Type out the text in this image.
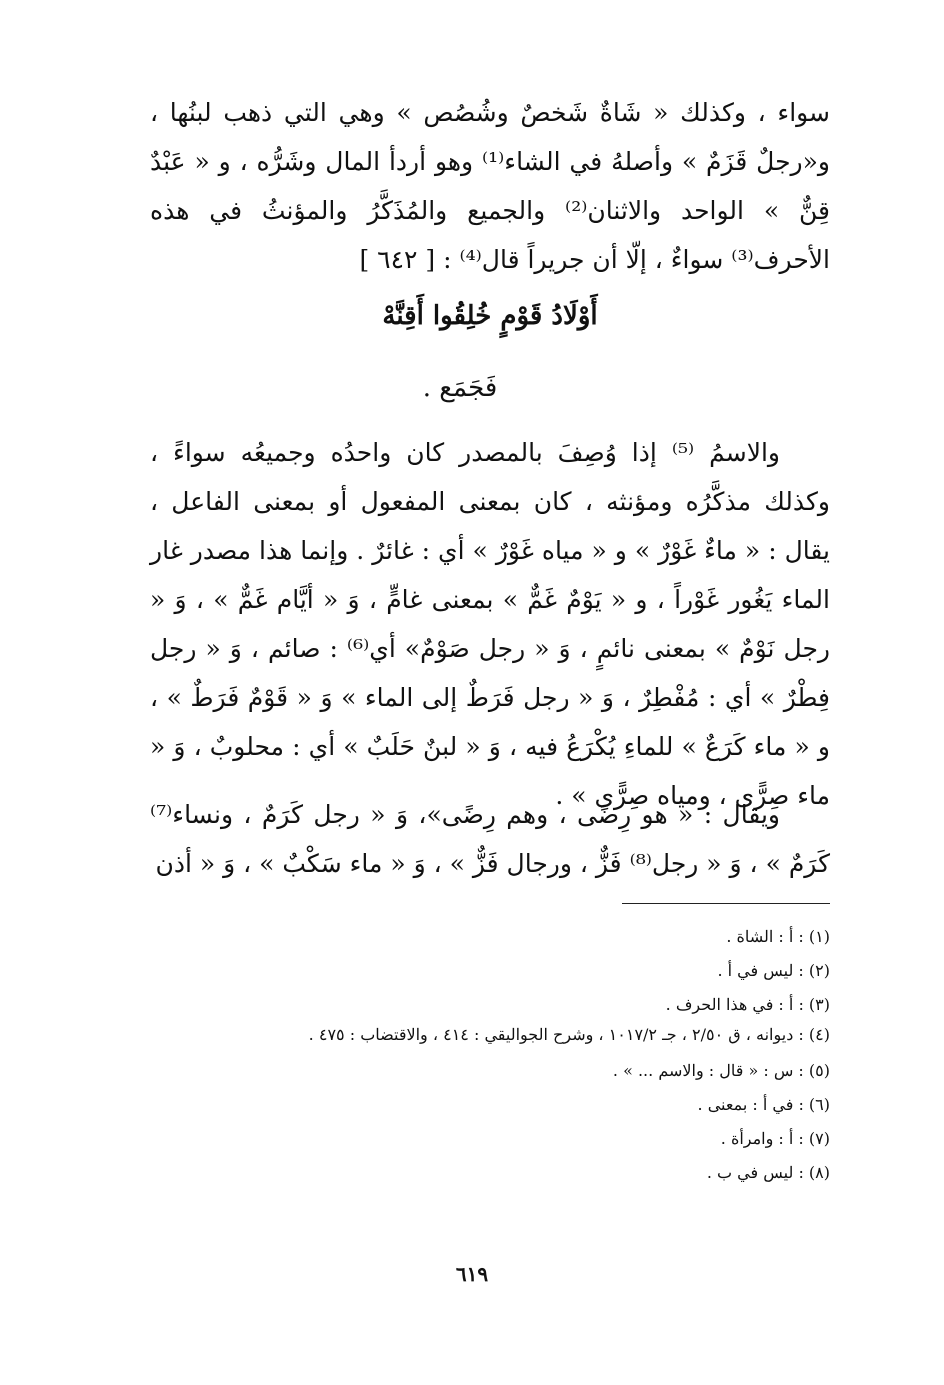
سواء ، وكذلك « شَاةٌ شَخصٌ وشُصُص » وهي التي ذهب لبنُها ، و«رجلٌ قَزَمٌ » وأصلهُ في الشاء⁽¹⁾ وهو أردأ المال وشَرُّه ، و « عَبْدٌ قِنٌّ » الواحد والاثنان⁽²⁾ والجميع والمُذَكَّرُ والمؤنثُ في هذه الأحرف⁽³⁾ سواءٌ ، إلّا أن جريراً قال⁽⁴⁾ : [ ٦٤٢ ]
أَوْلَادُ قَوْمٍ خُلِقُوا أَقِنَّهْ
فَجَمَع .
والاسمُ ⁽⁵⁾ إذا وُصِفَ بالمصدر كان واحدُه وجميعُه سواءً ، وكذلك مذكَّرُه ومؤنثه ، كان بمعنى المفعول أو بمعنى الفاعل ، يقال : « ماءٌ غَوْرٌ » و « مياه غَوْرٌ » أي : غائرٌ . وإنما هذا مصدر غار الماء يَغُور غَوْراً ، و « يَوْمٌ غَمٌّ » بمعنى غامٍّ ، وَ « أيَّام غَمٌّ » ، وَ « رجل نَوْمٌ » بمعنى نائمٍ ، وَ « رجل صَوْمٌ» أي⁽⁶⁾ : صائم ، وَ « رجل فِطْرٌ » أي : مُفْطِرٌ ، وَ « رجل فَرَطٌ إلى الماء » وَ « قَوْمٌ فَرَطٌ » ، و « ماء كَرَعٌ » للماءِ يُكْرَعُ فيه ، وَ « لبنٌ حَلَبٌ » أي : محلوبٌ ، وَ « ماء صِرًّى ، ومياه صِرًّى » .
ويقال : « هو رِضًى ، وهم رِضًى»، وَ « رجل كَرَمٌ ، ونساء⁽⁷⁾ كَرَمٌ » ، وَ « رجل⁽⁸⁾ فَزٌّ ، ورجال فَزٌّ » ، وَ « ماء سَكْبٌ » ، وَ « أذن
(١) : أ : الشاة .
(٢) : ليس في أ .
(٣) : أ : في هذا الحرف .
(٤) : ديوانه ، ق ٢/٥٠ ، جـ ١٠١٧/٢ ، وشرح الجواليقي : ٤١٤ ، والاقتضاب : ٤٧٥ .
(٥) : س : « قال : والاسم ... » .
(٦) : في أ : بمعنى .
(٧) : أ : وامرأة .
(٨) : ليس في ب .
٦١٩
